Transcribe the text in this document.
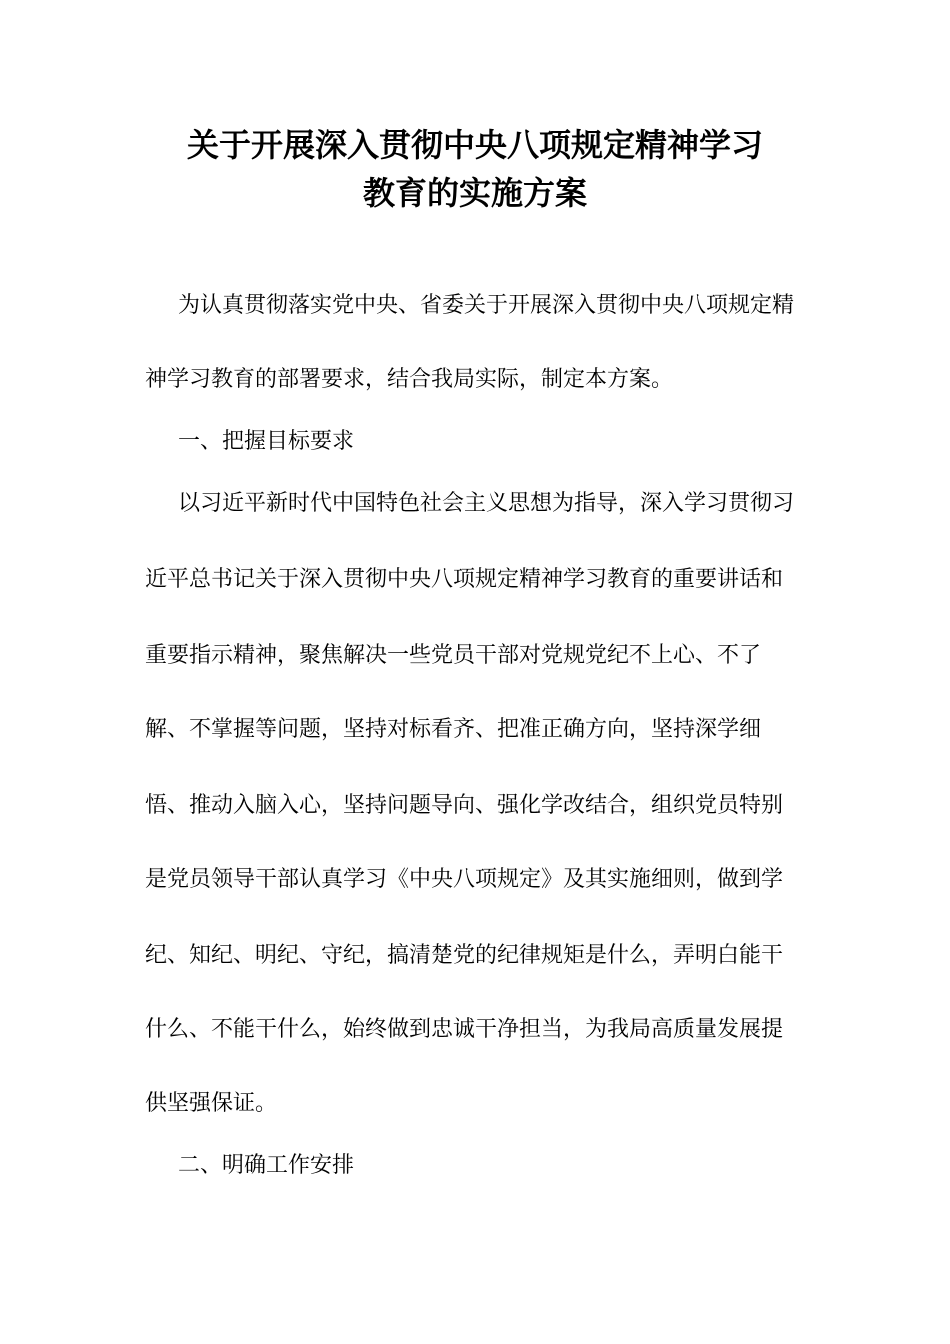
关于开展深入贯彻中央八项规定精神学习
教育的实施方案
为认真贯彻落实党中央、省委关于开展深入贯彻中央八项规定精
神学习教育的部署要求，结合我局实际，制定本方案。
一、把握目标要求
以习近平新时代中国特色社会主义思想为指导，深入学习贯彻习
近平总书记关于深入贯彻中央八项规定精神学习教育的重要讲话和
重要指示精神，聚焦解决一些党员干部对党规党纪不上心、不了
解、不掌握等问题，坚持对标看齐、把准正确方向，坚持深学细
悟、推动入脑入心，坚持问题导向、强化学改结合，组织党员特别
是党员领导干部认真学习《中央八项规定》及其实施细则，做到学
纪、知纪、明纪、守纪，搞清楚党的纪律规矩是什么，弄明白能干
什么、不能干什么，始终做到忠诚干净担当，为我局高质量发展提
供坚强保证。
二、明确工作安排
